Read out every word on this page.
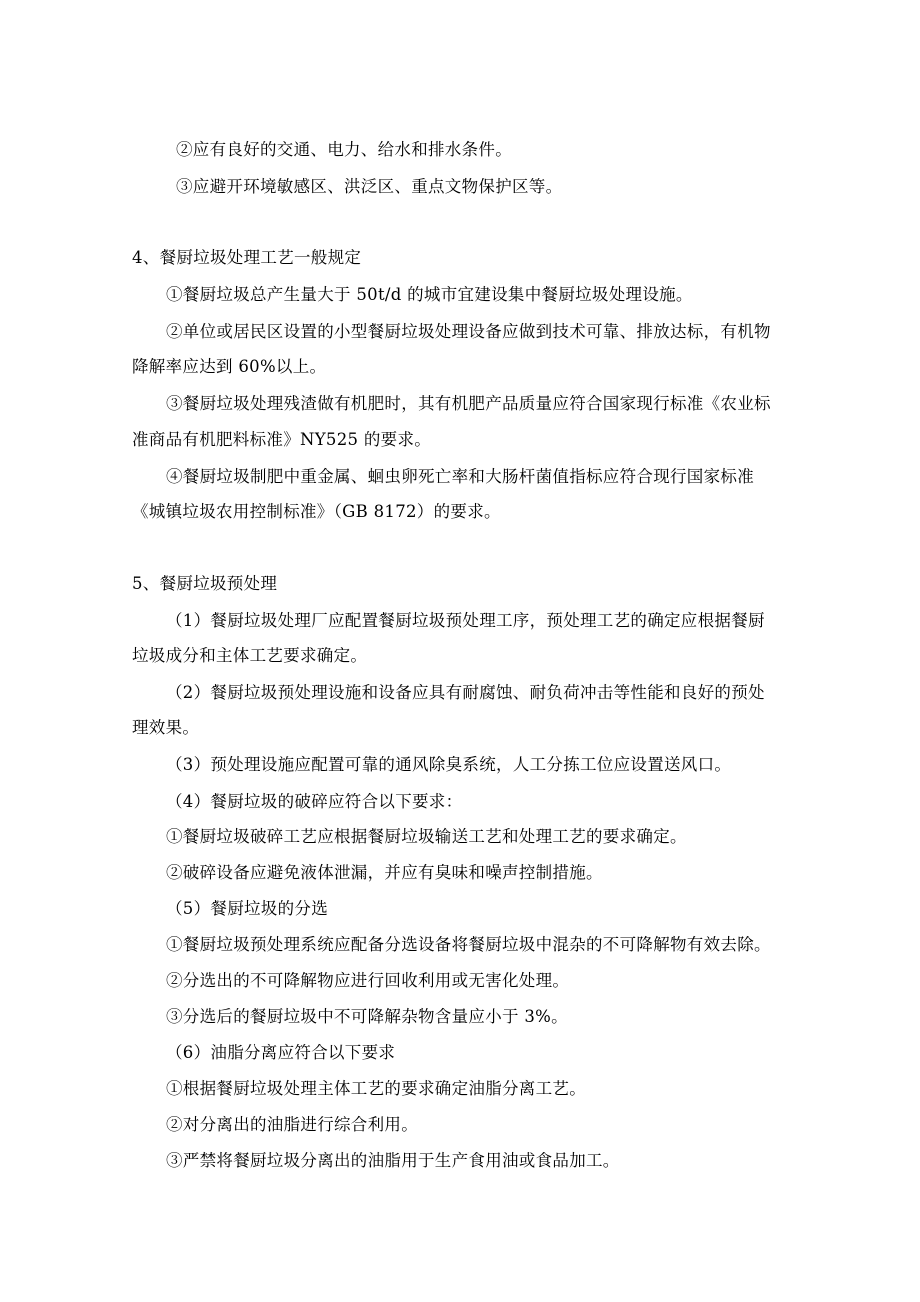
②应有良好的交通、电力、给水和排水条件。
③应避开环境敏感区、洪泛区、重点文物保护区等。
4、餐厨垃圾处理工艺一般规定
①餐厨垃圾总产生量大于 50t/d 的城市宜建设集中餐厨垃圾处理设施。
②单位或居民区设置的小型餐厨垃圾处理设备应做到技术可靠、排放达标，有机物
降解率应达到 60%以上。
③餐厨垃圾处理残渣做有机肥时，其有机肥产品质量应符合国家现行标准《农业标
准商品有机肥料标准》NY525 的要求。
④餐厨垃圾制肥中重金属、蛔虫卵死亡率和大肠杆菌值指标应符合现行国家标准
《城镇垃圾农用控制标准》（GB 8172）的要求。
5、餐厨垃圾预处理
（1）餐厨垃圾处理厂应配置餐厨垃圾预处理工序，预处理工艺的确定应根据餐厨
垃圾成分和主体工艺要求确定。
（2）餐厨垃圾预处理设施和设备应具有耐腐蚀、耐负荷冲击等性能和良好的预处
理效果。
（3）预处理设施应配置可靠的通风除臭系统，人工分拣工位应设置送风口。
（4）餐厨垃圾的破碎应符合以下要求：
①餐厨垃圾破碎工艺应根据餐厨垃圾输送工艺和处理工艺的要求确定。
②破碎设备应避免液体泄漏，并应有臭味和噪声控制措施。
（5）餐厨垃圾的分选
①餐厨垃圾预处理系统应配备分选设备将餐厨垃圾中混杂的不可降解物有效去除。
②分选出的不可降解物应进行回收利用或无害化处理。
③分选后的餐厨垃圾中不可降解杂物含量应小于 3%。
（6）油脂分离应符合以下要求
①根据餐厨垃圾处理主体工艺的要求确定油脂分离工艺。
②对分离出的油脂进行综合利用。
③严禁将餐厨垃圾分离出的油脂用于生产食用油或食品加工。
